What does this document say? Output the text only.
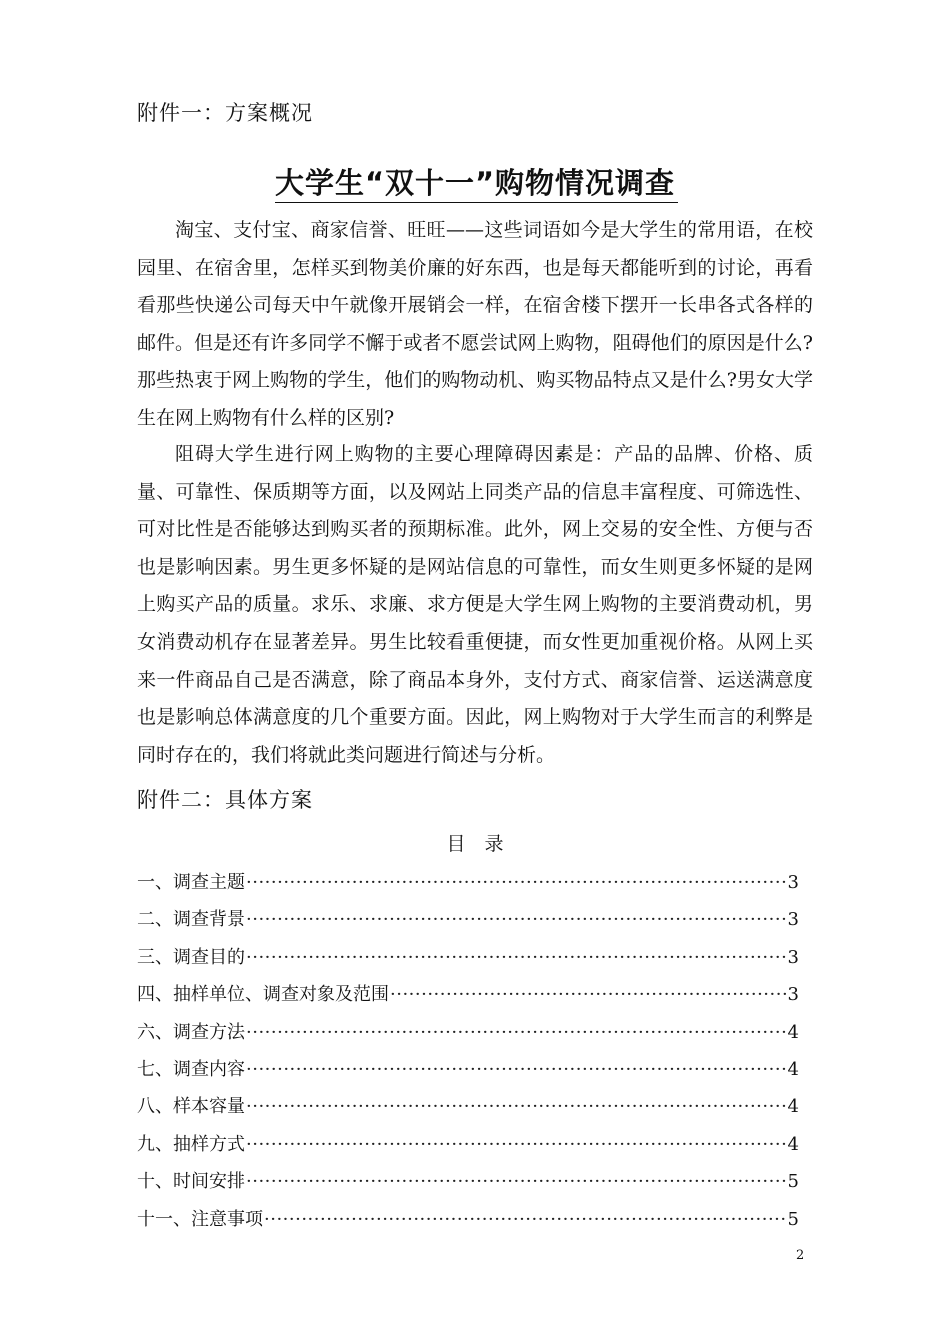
附件一：方案概况
大学生“双十一”购物情况调查

淘宝、支付宝、商家信誉、旺旺——这些词语如今是大学生的常用语，在校园里、在宿舍里，怎样买到物美价廉的好东西，也是每天都能听到的讨论，再看看那些快递公司每天中午就像开展销会一样，在宿舍楼下摆开一长串各式各样的邮件。但是还有许多同学不懈于或者不愿尝试网上购物，阻碍他们的原因是什么?那些热衷于网上购物的学生，他们的购物动机、购买物品特点又是什么?男女大学生在网上购物有什么样的区别?

阻碍大学生进行网上购物的主要心理障碍因素是：产品的品牌、价格、质量、可靠性、保质期等方面，以及网站上同类产品的信息丰富程度、可筛选性、可对比性是否能够达到购买者的预期标准。此外，网上交易的安全性、方便与否也是影响因素。男生更多怀疑的是网站信息的可靠性，而女生则更多怀疑的是网上购买产品的质量。求乐、求廉、求方便是大学生网上购物的主要消费动机，男女消费动机存在显著差异。男生比较看重便捷，而女性更加重视价格。从网上买来一件商品自己是否满意，除了商品本身外，支付方式、商家信誉、运送满意度也是影响总体满意度的几个重要方面。因此，网上购物对于大学生而言的利弊是同时存在的，我们将就此类问题进行简述与分析。

附件二：具体方案
目　录
一、调查主题 ·····	3
二、调查背景 ·····	3
三、调查目的 ·····	3
四、抽样单位、调查对象及范围 ·····	3
六、调查方法 ·····	4
七、调查内容 ·····	4
八、样本容量 ·····	4
九、抽样方式 ·····	4
十、时间安排 ·····	5
十一、注意事项 ·····	5

2
